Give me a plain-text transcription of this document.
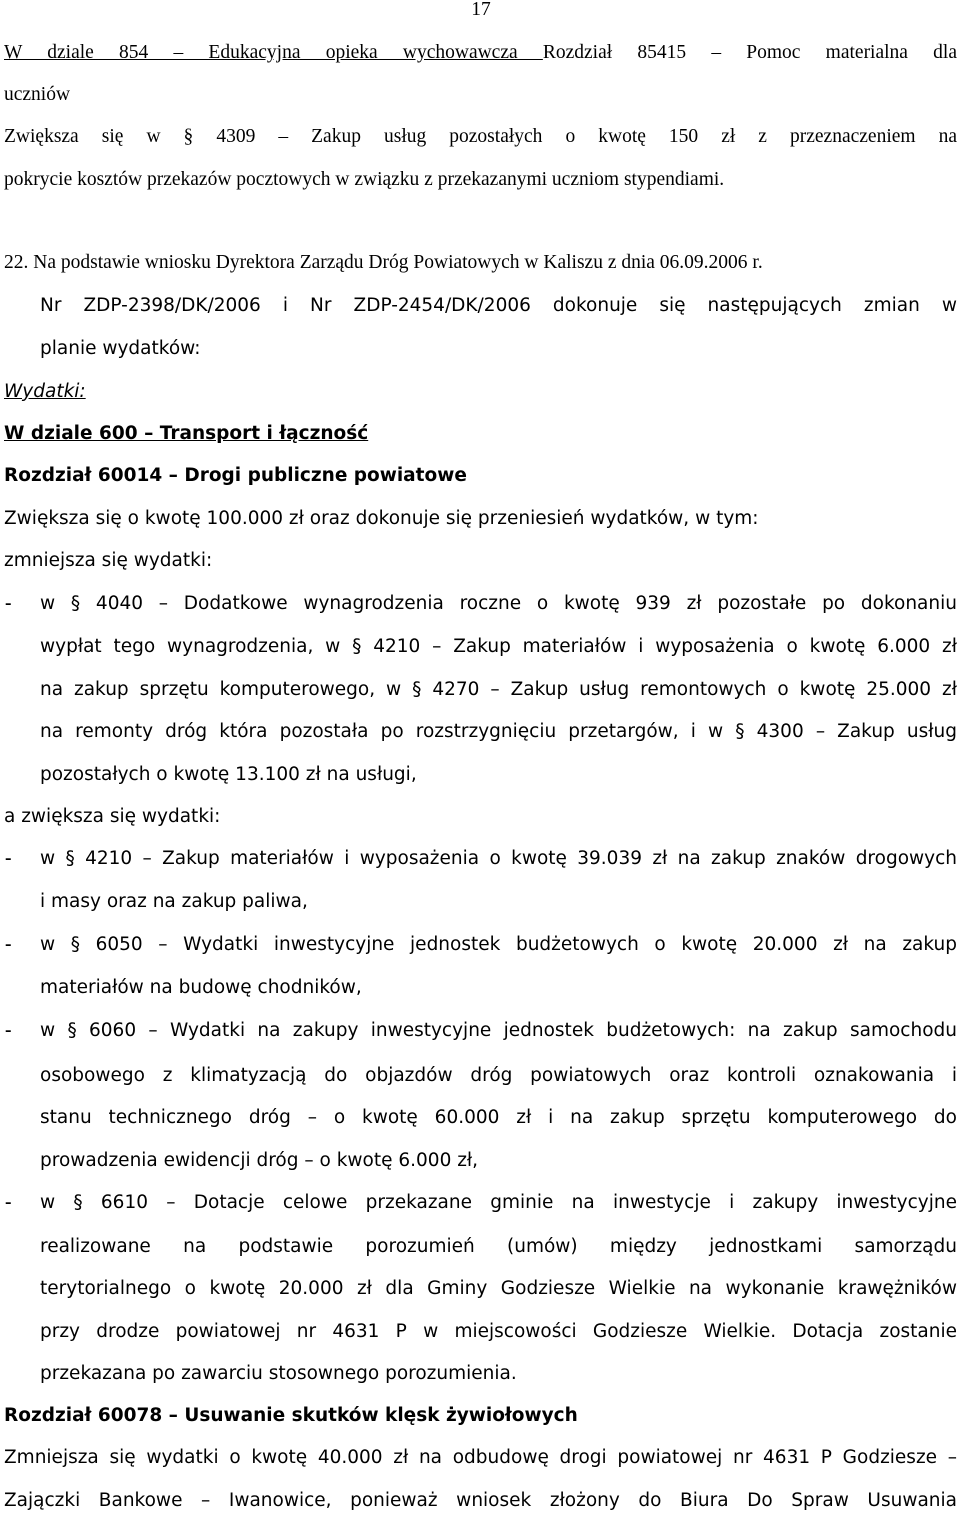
17
W dziale 854 – Edukacyjna opieka wychowawcza Rozdział 85415 – Pomoc materialna dla
uczniów
Zwiększa się w § 4309 – Zakup usług pozostałych o kwotę 150 zł z przeznaczeniem na
pokrycie kosztów przekazów pocztowych w związku z przekazanymi uczniom stypendiami.
22. Na podstawie wniosku Dyrektora Zarządu Dróg Powiatowych w Kaliszu z dnia 06.09.2006 r.
Nr ZDP-2398/DK/2006 i Nr ZDP-2454/DK/2006 dokonuje się następujących zmian w
planie wydatków:
Wydatki:
W dziale 600 – Transport i łączność
Rozdział 60014 – Drogi publiczne powiatowe
Zwiększa się o kwotę 100.000 zł oraz dokonuje się przeniesień wydatków, w tym:
zmniejsza się wydatki:
- w § 4040 – Dodatkowe wynagrodzenia roczne o kwotę 939 zł pozostałe po dokonaniu
wypłat tego wynagrodzenia, w § 4210 – Zakup materiałów i wyposażenia o kwotę 6.000 zł
na zakup sprzętu komputerowego, w § 4270 – Zakup usług remontowych o kwotę 25.000 zł
na remonty dróg która pozostała po rozstrzygnięciu przetargów, i w § 4300 – Zakup usług
pozostałych o kwotę 13.100 zł na usługi,
a zwiększa się wydatki:
- w § 4210 – Zakup materiałów i wyposażenia o kwotę 39.039 zł na zakup znaków drogowych
i masy oraz na zakup paliwa,
- w § 6050 – Wydatki inwestycyjne jednostek budżetowych o kwotę 20.000 zł na zakup
materiałów na budowę chodników,
- w § 6060 – Wydatki na zakupy inwestycyjne jednostek budżetowych: na zakup samochodu
osobowego z klimatyzacją do objazdów dróg powiatowych oraz kontroli oznakowania i
stanu technicznego dróg – o kwotę 60.000 zł i na zakup sprzętu komputerowego do
prowadzenia ewidencji dróg – o kwotę 6.000 zł,
- w § 6610 – Dotacje celowe przekazane gminie na inwestycje i zakupy inwestycyjne
realizowane na podstawie porozumień (umów) między jednostkami samorządu
terytorialnego o kwotę 20.000 zł dla Gminy Godziesze Wielkie na wykonanie krawężników
przy drodze powiatowej nr 4631 P w miejscowości Godziesze Wielkie. Dotacja zostanie
przekazana po zawarciu stosownego porozumienia.
Rozdział 60078 – Usuwanie skutków klęsk żywiołowych
Zmniejsza się wydatki o kwotę 40.000 zł na odbudowę drogi powiatowej nr 4631 P Godziesze –
Zajączki Bankowe – Iwanowice, ponieważ wniosek złożony do Biura Do Spraw Usuwania
